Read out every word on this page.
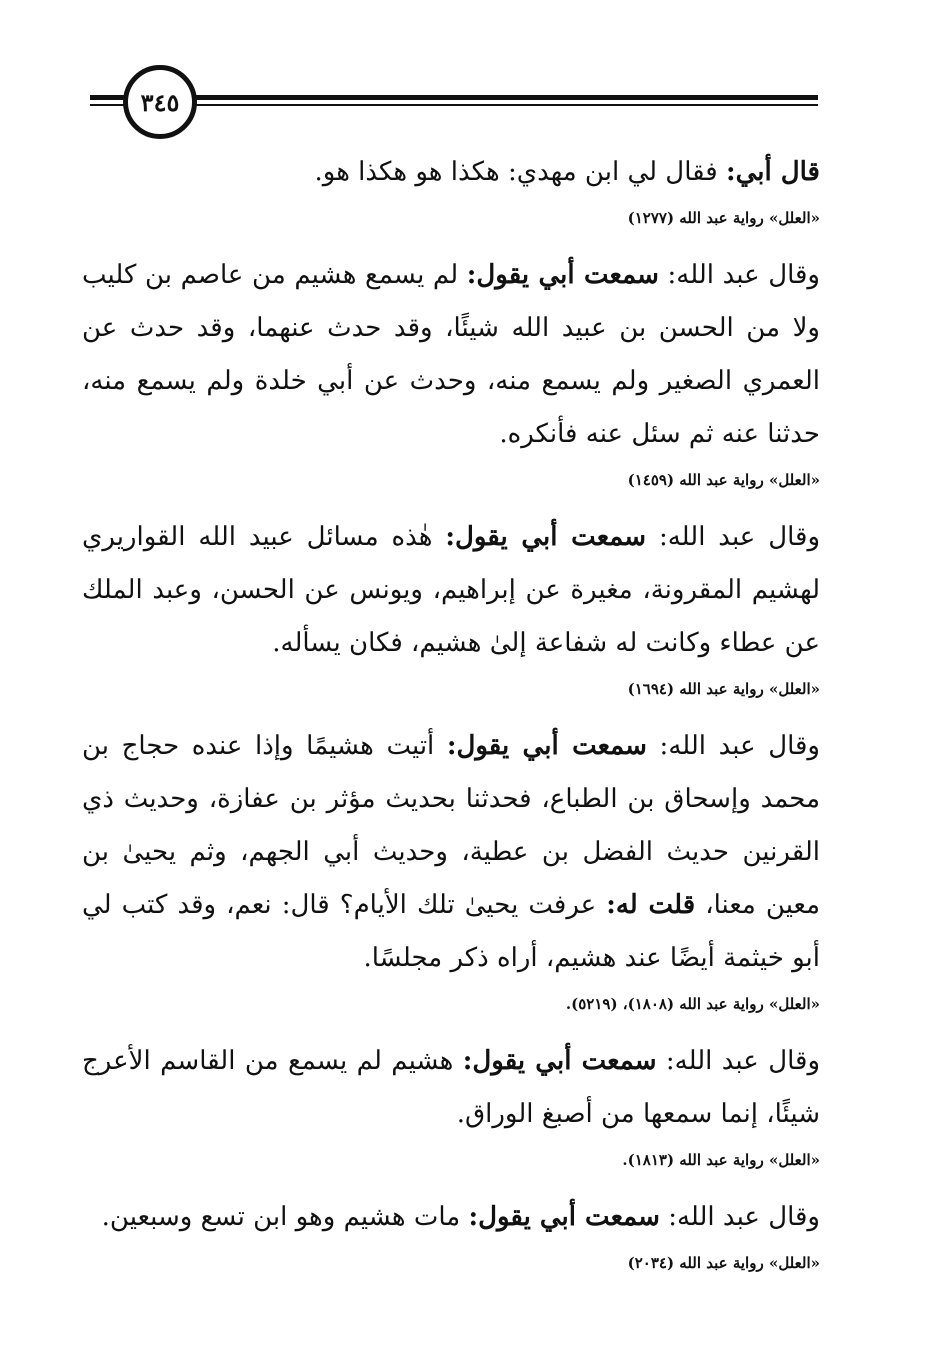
٣٤٥

قال أبي: فقال لي ابن مهدي: هكذا هو هكذا هو.

«العلل» رواية عبد الله (١٢٧٧)

وقال عبد الله: سمعت أبي يقول: لم يسمع هشيم من عاصم بن كليب ولا من الحسن بن عبيد الله شيئًا، وقد حدث عنهما، وقد حدث عن العمري الصغير ولم يسمع منه، وحدث عن أبي خلدة ولم يسمع منه، حدثنا عنه ثم سئل عنه فأنكره.

«العلل» رواية عبد الله (١٤٥٩)

وقال عبد الله: سمعت أبي يقول: هٰذه مسائل عبيد الله القواريري لهشيم المقرونة، مغيرة عن إبراهيم، ويونس عن الحسن، وعبد الملك عن عطاء وكانت له شفاعة إلىٰ هشيم، فكان يسأله.

«العلل» رواية عبد الله (١٦٩٤)

وقال عبد الله: سمعت أبي يقول: أتيت هشيمًا وإذا عنده حجاج بن محمد وإسحاق بن الطباع، فحدثنا بحديث مؤثر بن عفازة، وحديث ذي القرنين حديث الفضل بن عطية، وحديث أبي الجهم، وثم يحيىٰ بن معين معنا، قلت له: عرفت يحيىٰ تلك الأيام؟ قال: نعم، وقد كتب لي أبو خيثمة أيضًا عند هشيم، أراه ذكر مجلسًا.

«العلل» رواية عبد الله (١٨٠٨)، (٥٢١٩).

وقال عبد الله: سمعت أبي يقول: هشيم لم يسمع من القاسم الأعرج شيئًا، إنما سمعها من أصبغ الوراق.

«العلل» رواية عبد الله (١٨١٣).

وقال عبد الله: سمعت أبي يقول: مات هشيم وهو ابن تسع وسبعين.

«العلل» رواية عبد الله (٢٠٣٤)
